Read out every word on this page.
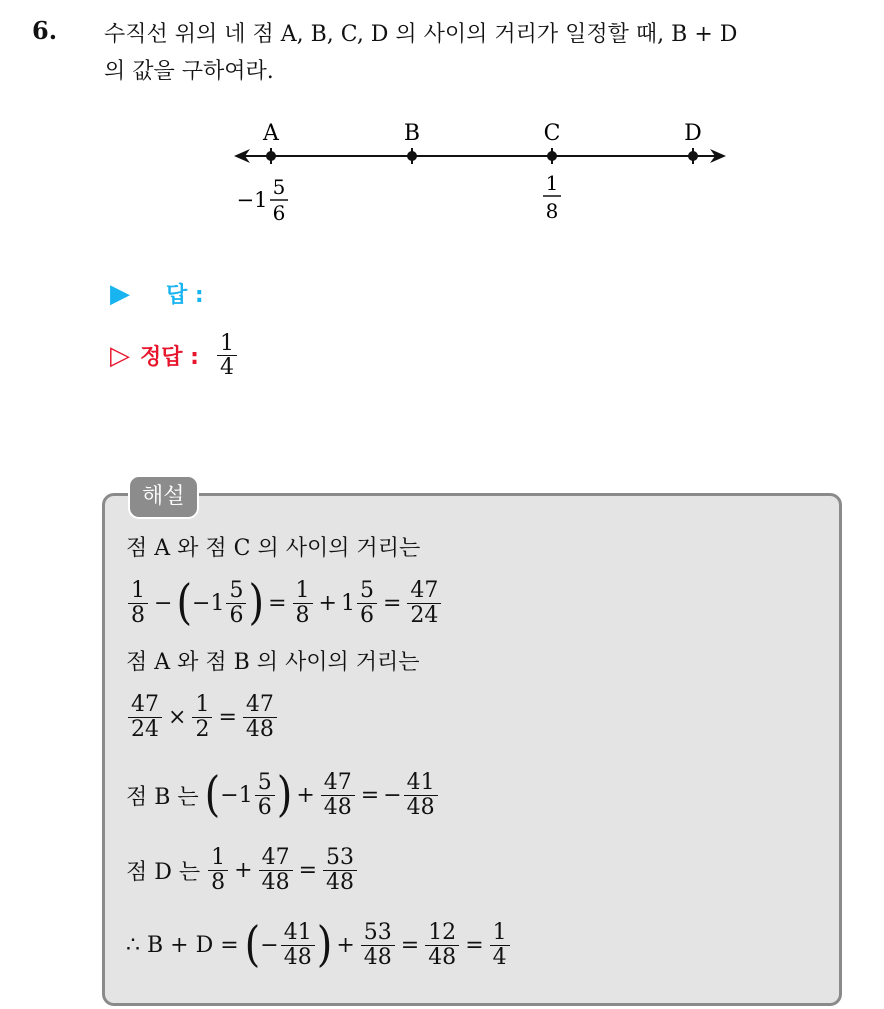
6. 수직선 위의 네 점 A, B, C, D 의 사이의 거리가 일정할 때, B + D
의 값을 구하여라.
A	B	C	D
−1
5
6
1
8
▶ 답 :
▷ 정답 : $\frac{1}{4}$
해설
점 A 와 점 C 의 사이의 거리는
$\frac{1}{8}$ − ( $-1 \frac{5}{6}$ ) = $\frac{1}{8} + 1 \frac{5}{6} = \frac{47}{24}$
점 A 와 점 B 의 사이의 거리는
$\frac{47}{24} \times \frac{1}{2} = \frac{47}{48}$
점 B 는 ( $-1 \frac{5}{6}$ ) + $\frac{47}{48}$ = − $\frac{41}{48}$
점 D 는 $\frac{1}{8} + \frac{47}{48} = \frac{53}{48}$
∴ B + D = ( − $\frac{41}{48}$ ) + $\frac{53}{48} = \frac{12}{48} = \frac{1}{4}$
